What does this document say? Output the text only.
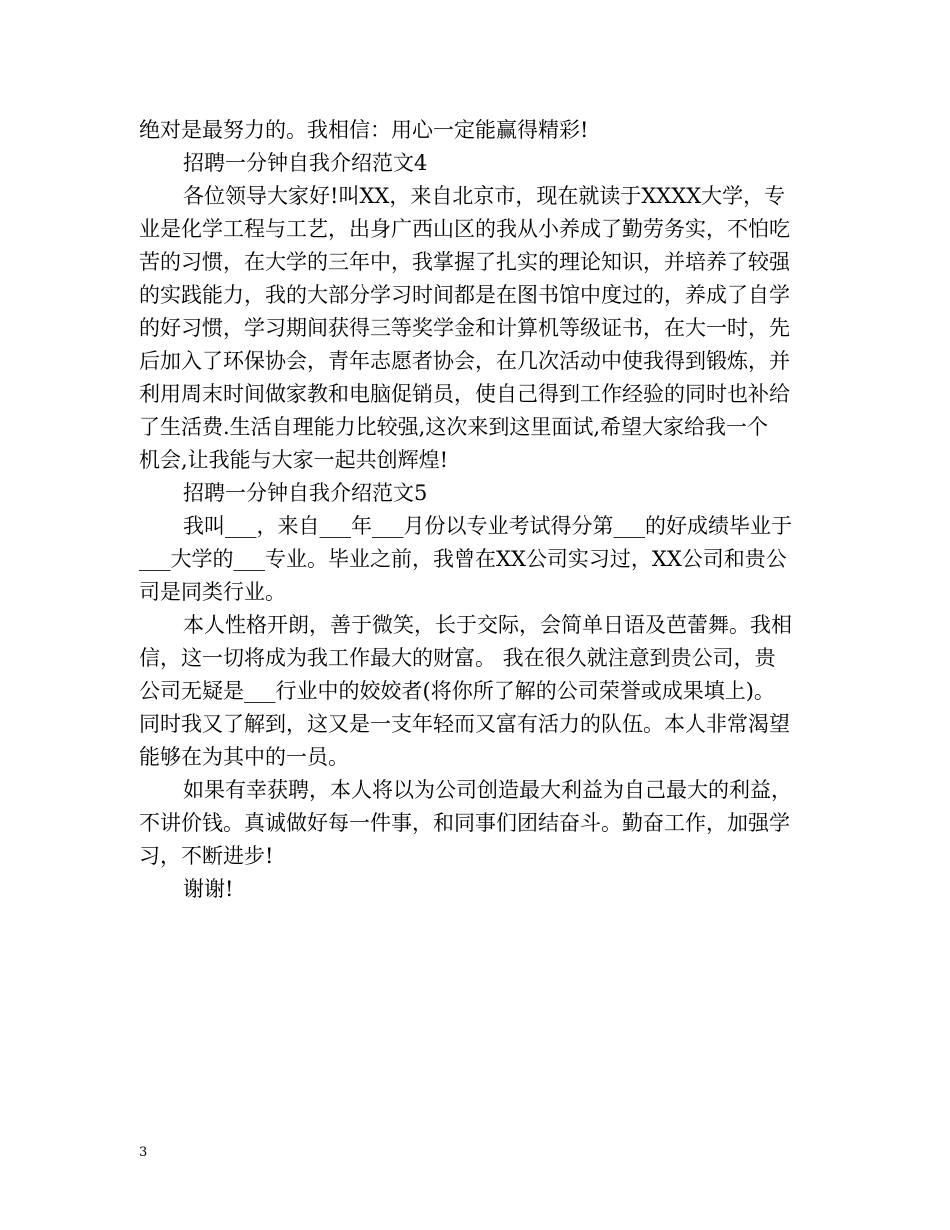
绝对是最努力的。我相信：用心一定能赢得精彩!
招聘一分钟自我介绍范文4
各位领导大家好!叫XX，来自北京市，现在就读于XXXX大学，专
业是化学工程与工艺，出身广西山区的我从小养成了勤劳务实，不怕吃
苦的习惯，在大学的三年中，我掌握了扎实的理论知识，并培养了较强
的实践能力，我的大部分学习时间都是在图书馆中度过的，养成了自学
的好习惯，学习期间获得三等奖学金和计算机等级证书，在大一时，先
后加入了环保协会，青年志愿者协会，在几次活动中使我得到锻炼，并
利用周末时间做家教和电脑促销员，使自己得到工作经验的同时也补给
了生活费.生活自理能力比较强,这次来到这里面试,希望大家给我一个
机会,让我能与大家一起共创辉煌!
招聘一分钟自我介绍范文5
我叫___，来自___年___月份以专业考试得分第___的好成绩毕业于
___大学的___专业。毕业之前，我曾在XX公司实习过，XX公司和贵公
司是同类行业。
本人性格开朗，善于微笑，长于交际，会简单日语及芭蕾舞。我相
信，这一切将成为我工作最大的财富。 我在很久就注意到贵公司，贵
公司无疑是___行业中的姣姣者(将你所了解的公司荣誉或成果填上)。
同时我又了解到，这又是一支年轻而又富有活力的队伍。本人非常渴望
能够在为其中的一员。
如果有幸获聘，本人将以为公司创造最大利益为自己最大的利益，
不讲价钱。真诚做好每一件事，和同事们团结奋斗。勤奋工作，加强学
习，不断进步!
谢谢!
3
